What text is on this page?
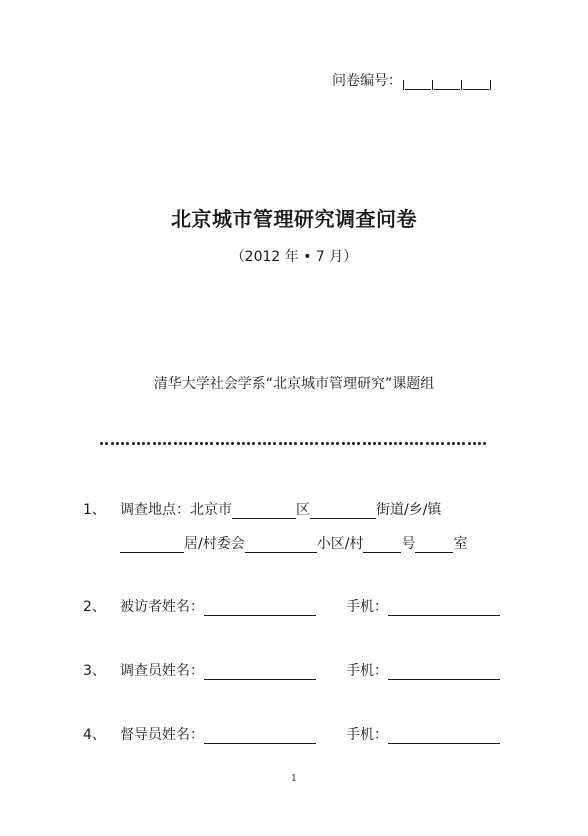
问卷编号：
北京城市管理研究调查问卷
（2012 年 • 7 月）
清华大学社会学系“北京城市管理研究”课题组
1、 调查地点：北京市	区	街道/乡/镇
居/村委会	小区/村	号	室
2、 被访者姓名：	手机：
3、 调查员姓名：	手机：
4、 督导员姓名：	手机：
1
